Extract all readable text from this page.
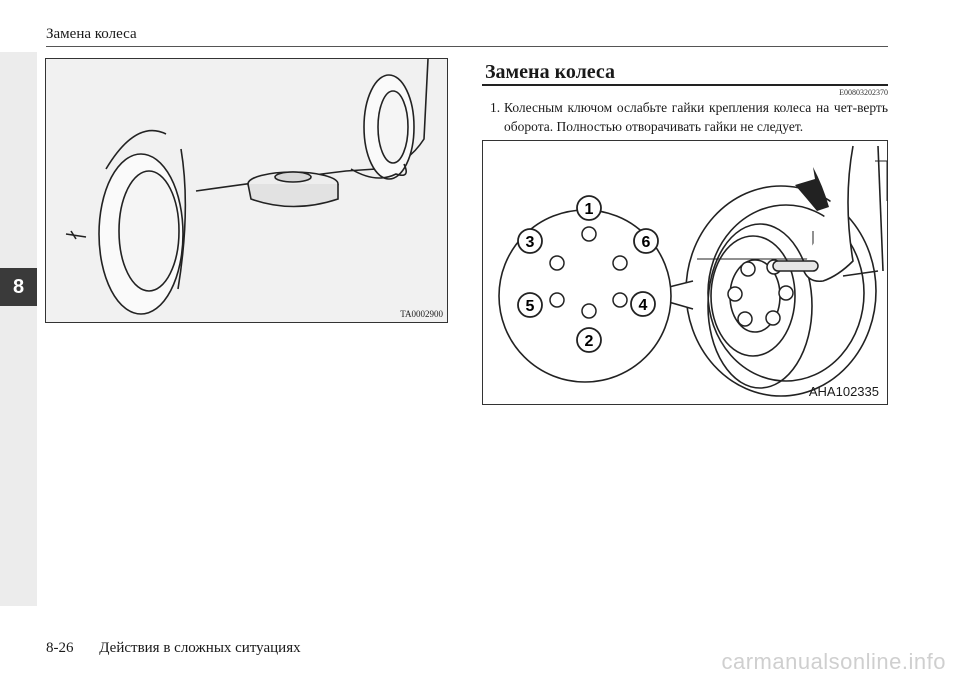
8
Замена колеса
TA0002900
Замена колеса
E00803202370
1. Колесным ключом ослабьте гайки крепления колеса на чет-верть оборота. Полностью отворачивать гайки не следует.
1
3	6
5	4
2
AHA102335
8-26 Действия в сложных ситуациях
carmanualsonline.info
